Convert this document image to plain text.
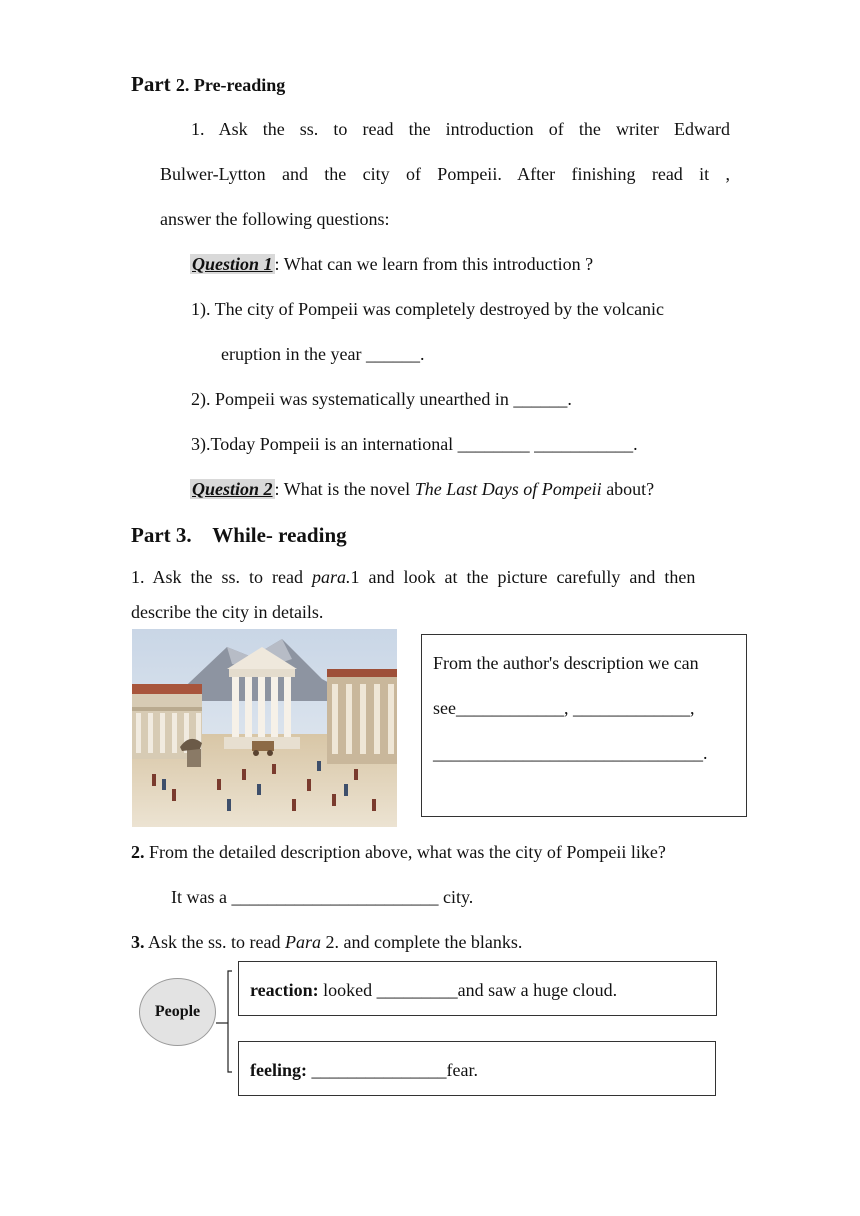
Part 2. Pre-reading
1. Ask the ss. to read the introduction of the writer Edward
Bulwer-Lytton and the city of Pompeii. After finishing read it ,
answer the following questions:
Question 1 : What can we learn from this introduction ?
1). The city of Pompeii was completely destroyed by the volcanic
eruption in the year ______.
2). Pompeii was systematically unearthed in ______.
3).Today Pompeii is an international ________ ___________.
Question 2 : What is the novel The Last Days of Pompeii about?
Part 3.    While- reading
1.  Ask  the  ss.  to  read  para.1  and  look  at  the  picture  carefully  and  then
describe the city in details.
From the author's description we can
see____________, _____________,
______________________________.
2. From the detailed description above, what was the city of Pompeii like?
It was a _______________________ city.
3. Ask the ss. to read Para 2. and complete the blanks.
People
reaction: looked _________and saw a huge cloud.
feeling: _______________fear.
